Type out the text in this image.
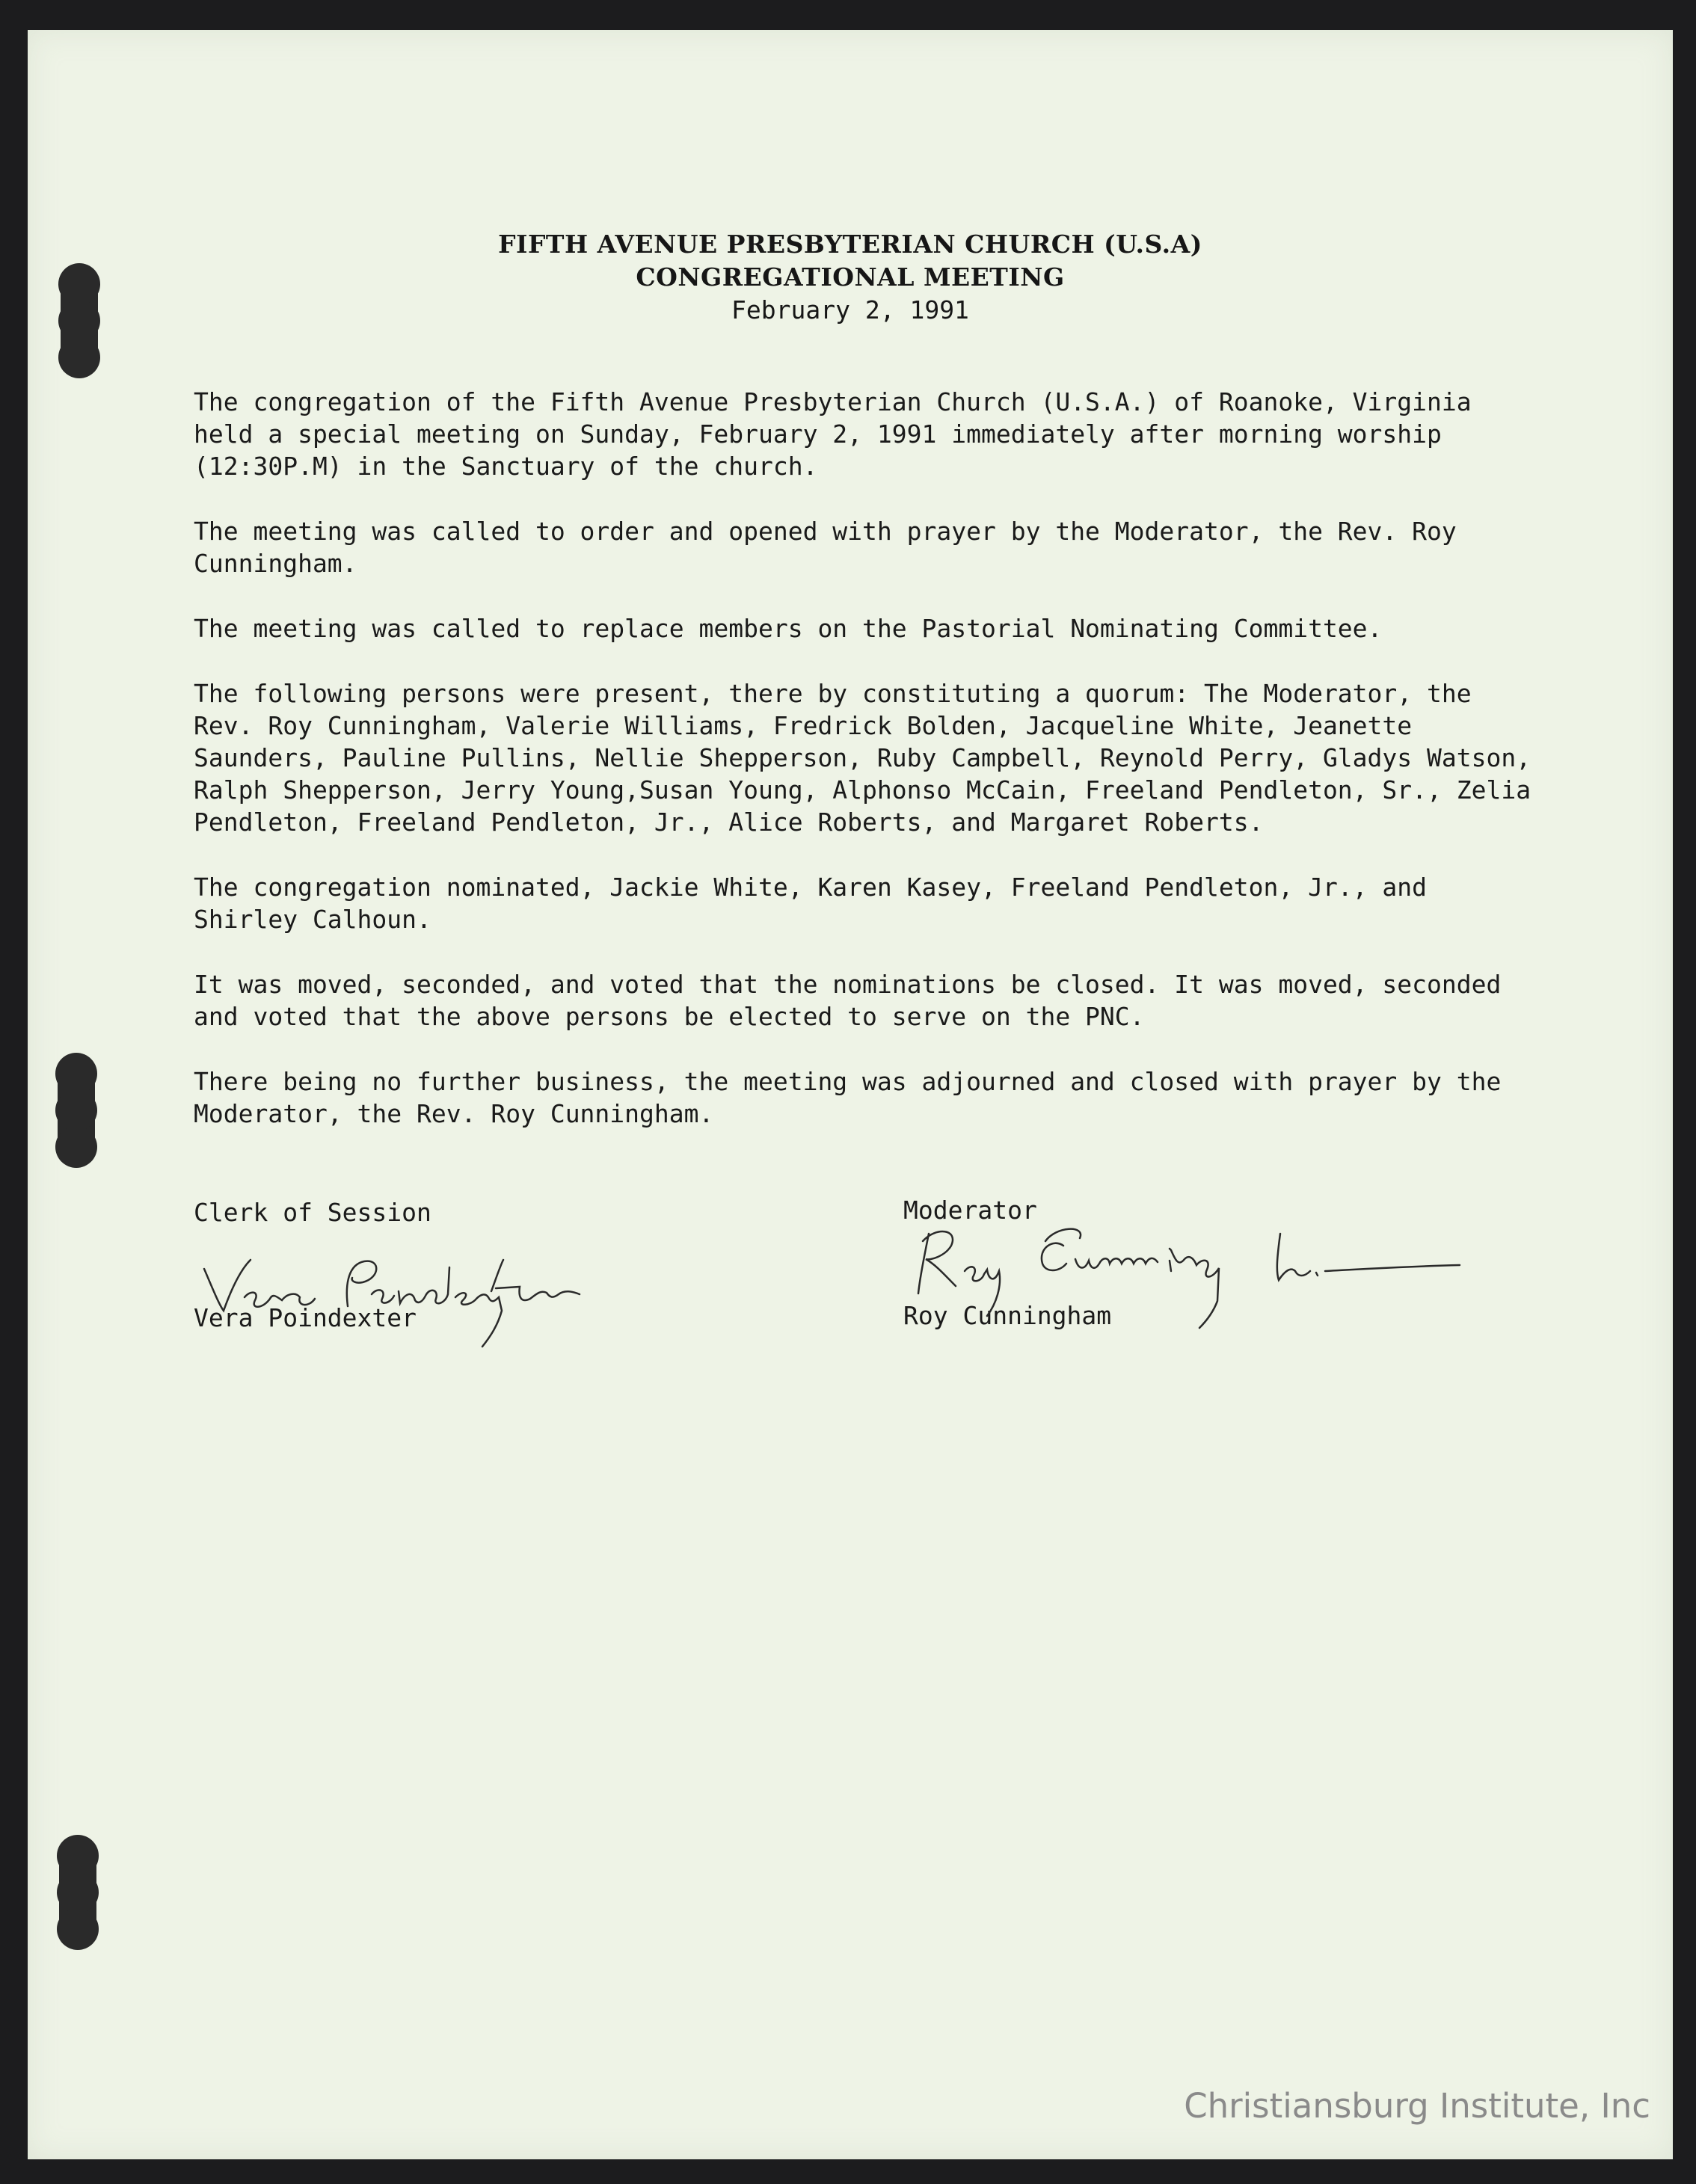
FIFTH AVENUE PRESBYTERIAN CHURCH (U.S.A)
CONGREGATIONAL MEETING
February 2, 1991

The congregation of the Fifth Avenue Presbyterian Church (U.S.A.) of Roanoke, Virginia held a special meeting on Sunday, February 2, 1991 immediately after morning worship (12:30P.M) in the Sanctuary of the church.

The meeting was called to order and opened with prayer by the Moderator, the Rev. Roy Cunningham.

The meeting was called to replace members on the Pastorial Nominating Committee.

The following persons were present, there by constituting a quorum: The Moderator, the Rev. Roy Cunningham, Valerie Williams, Fredrick Bolden, Jacqueline White, Jeanette Saunders, Pauline Pullins, Nellie Shepperson, Ruby Campbell, Reynold Perry, Gladys Watson, Ralph Shepperson, Jerry Young,Susan Young, Alphonso McCain, Freeland Pendleton, Sr., Zelia Pendleton, Freeland Pendleton, Jr., Alice Roberts, and Margaret Roberts.

The congregation nominated, Jackie White, Karen Kasey, Freeland Pendleton, Jr., and Shirley Calhoun.

It was moved, seconded, and voted that the nominations be closed. It was moved, seconded and voted that the above persons be elected to serve on the PNC.

There being no further business, the meeting was adjourned and closed with prayer by the Moderator, the Rev. Roy Cunningham.

Clerk of Session
Vera Poindexter
Moderator
Roy Cunningham
Christiansburg Institute, Inc
